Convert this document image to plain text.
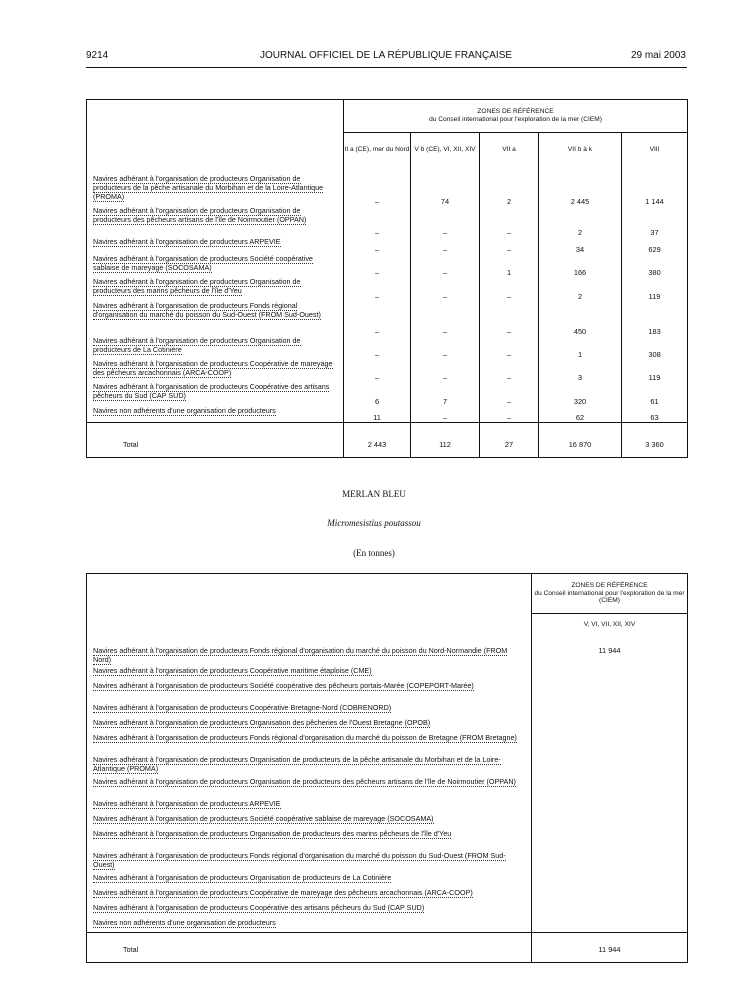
9214	JOURNAL OFFICIEL DE LA RÉPUBLIQUE FRANÇAISE	29 mai 2003

	ZONES DE RÉFÉRENCE
du Conseil international pour l'exploration de la mer (CIEM)				

	II a (CE), mer du Nord	V b (CE), VI, XII, XIV	VII a	VII b à k	VIII
Navires adhérant à l'organisation de producteurs Organisation de producteurs de la pêche artisanale du Morbihan et de la Loire-Atlantique (PROMA)	–	74	2	2 445	1 144
Navires adhérant à l'organisation de producteurs Organisation de producteurs des pêcheurs artisans de l'île de Noirmoutier (OPPAN)	–	–	–	2	37
Navires adhérant à l'organisation de producteurs ARPEVIE	–	–	–	34	629
Navires adhérant à l'organisation de producteurs Société coopérative sablaise de mareyage (SOCOSAMA)	–	–	1	166	380
Navires adhérant à l'organisation de producteurs Organisation de producteurs des marins pêcheurs de l'île d'Yeu	–	–	–	2	119
Navires adhérant à l'organisation de producteurs Fonds régional d'organisation du marché du poisson du Sud-Ouest (FROM Sud-Ouest)	–	–	–	450	183
Navires adhérant à l'organisation de producteurs Organisation de producteurs de La Cotinière	–	–	–	1	308
Navires adhérant à l'organisation de producteurs Coopérative de mareyage des pêcheurs arcachonnais (ARCA-COOP)	–	–	–	3	119
Navires adhérant à l'organisation de producteurs Coopérative des artisans pêcheurs du Sud (CAP SUD)	6	7	–	320	61
Navires non adhérents d'une organisation de producteurs	11	–	–	62	63
Total	2 443	112	27	16 870	3 360
MERLAN BLEU
Micromesistius poutassou
(En tonnes)

	ZONES DE RÉFÉRENCE
du Conseil international pour l'exploration de la mer (CIEM)

	V, VI, VII, XII, XIV
Navires adhérant à l'organisation de producteurs Fonds régional d'organisation du marché du poisson du Nord-Normandie (FROM Nord)	11 944
Navires adhérant à l'organisation de producteurs Coopérative maritime étaploise (CME)	
Navires adhérant à l'organisation de producteurs Société coopérative des pêcheurs portais-Marée (COPEPORT-Marée)	
Navires adhérant à l'organisation de producteurs Coopérative Bretagne-Nord (COBRENORD)	
Navires adhérant à l'organisation de producteurs Organisation des pêcheries de l'Ouest Bretagne (OPOB)	
Navires adhérant à l'organisation de producteurs Fonds régional d'organisation du marché du poisson de Bretagne (FROM Bretagne)	
Navires adhérant à l'organisation de producteurs Organisation de producteurs de la pêche artisanale du Morbihan et de la Loire-Atlantique (PROMA)	
Navires adhérant à l'organisation de producteurs Organisation de producteurs des pêcheurs artisans de l'île de Noirmoutier (OPPAN)	
Navires adhérant à l'organisation de producteurs ARPEVIE	
Navires adhérant à l'organisation de producteurs Société coopérative sablaise de mareyage (SOCOSAMA)	
Navires adhérant à l'organisation de producteurs Organisation de producteurs des marins pêcheurs de l'île d'Yeu	
Navires adhérant à l'organisation de producteurs Fonds régional d'organisation du marché du poisson du Sud-Ouest (FROM Sud-Ouest)	
Navires adhérant à l'organisation de producteurs Organisation de producteurs de La Cotinière	
Navires adhérant à l'organisation de producteurs Coopérative de mareyage des pêcheurs arcachonnais (ARCA-COOP)	
Navires adhérant à l'organisation de producteurs Coopérative des artisans pêcheurs du Sud (CAP SUD)	
Navires non adhérents d'une organisation de producteurs	
Total	11 944
